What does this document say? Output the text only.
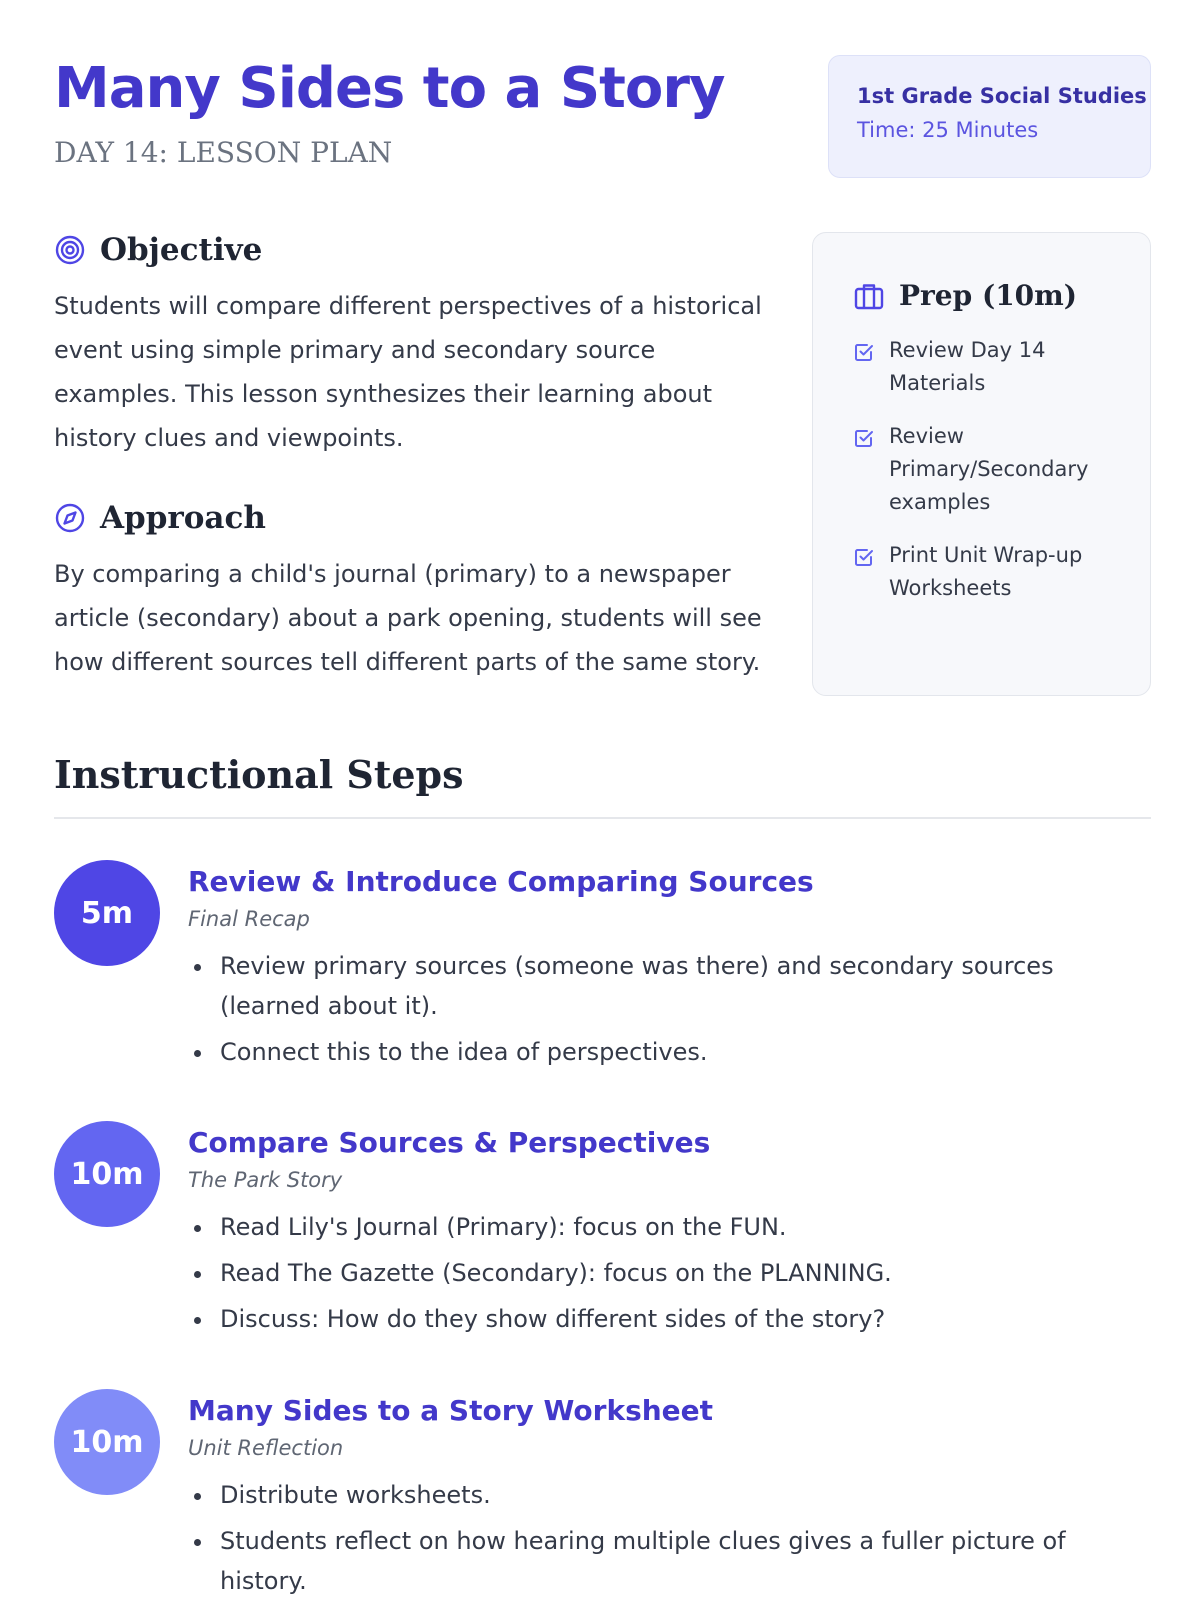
Many Sides to a Story
DAY 14: LESSON PLAN
1st Grade Social Studies
Time: 25 Minutes
Objective

Students will compare different perspectives of a historical event using simple primary and secondary source examples. This lesson synthesizes their learning about history clues and viewpoints.

Approach

By comparing a child's journal (primary) to a newspaper article (secondary) about a park opening, students will see how different sources tell different parts of the same story.

Prep (10m)
Review Day 14 Materials
Review Primary/Secondary examples
Print Unit Wrap-up Worksheets
Instructional Steps
5m
Review & Introduce Comparing Sources
Final Recap
Review primary sources (someone was there) and secondary sources (learned about it).
Connect this to the idea of perspectives.
10m
Compare Sources & Perspectives
The Park Story
Read Lily's Journal (Primary): focus on the FUN.
Read The Gazette (Secondary): focus on the PLANNING.
Discuss: How do they show different sides of the story?
10m
Many Sides to a Story Worksheet
Unit Reflection
Distribute worksheets.
Students reflect on how hearing multiple clues gives a fuller picture of history.
